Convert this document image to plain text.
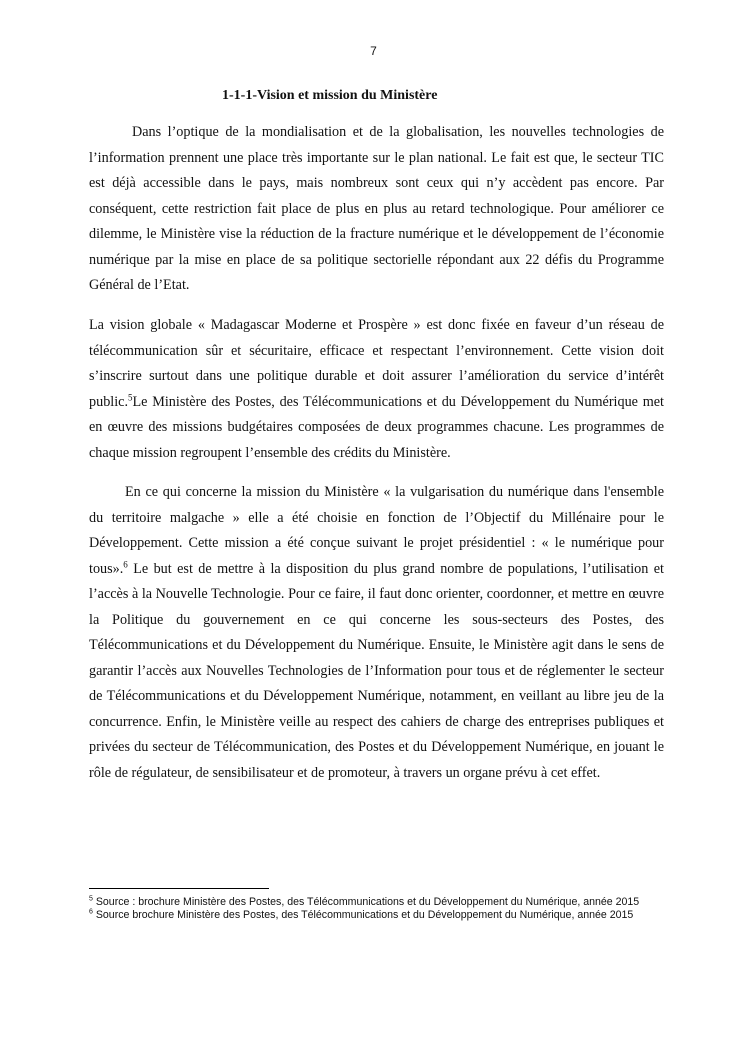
7
1-1-1-Vision et mission du Ministère

Dans l’optique de la mondialisation et de la globalisation, les nouvelles technologies de l’information prennent une place très importante sur le plan national. Le fait est que, le secteur TIC est déjà accessible dans le pays, mais nombreux sont ceux qui n’y accèdent pas encore. Par conséquent, cette restriction fait place de plus en plus au retard technologique. Pour améliorer ce dilemme, le Ministère vise la réduction de la fracture numérique et le développement de l’économie numérique par la mise en place de sa politique sectorielle répondant aux 22 défis du Programme Général de l’Etat.

La vision globale « Madagascar Moderne et Prospère » est donc fixée en faveur d’un réseau de télécommunication sûr et sécuritaire, efficace et respectant l’environnement. Cette vision doit s’inscrire surtout dans une politique durable et doit assurer l’amélioration du service d’intérêt public.$^5$Le Ministère des Postes, des Télécommunications et du Développement du Numérique met en œuvre des missions budgétaires composées de deux programmes chacune. Les programmes de chaque mission regroupent l’ensemble des crédits du Ministère.

En ce qui concerne la mission du Ministère « la vulgarisation du numérique dans l'ensemble du territoire malgache » elle a été choisie en fonction de l’Objectif du Millénaire pour le Développement. Cette mission a été conçue suivant le projet présidentiel : « le numérique pour tous».$^6$ Le but est de mettre à la disposition du plus grand nombre de populations, l’utilisation et l’accès à la Nouvelle Technologie. Pour ce faire, il faut donc orienter, coordonner, et mettre en œuvre la Politique du gouvernement en ce qui concerne les sous-secteurs des Postes, des Télécommunications et du Développement du Numérique. Ensuite, le Ministère agit dans le sens de garantir l’accès aux Nouvelles Technologies de l’Information pour tous et de réglementer le secteur de Télécommunications et du Développement Numérique, notamment, en veillant au libre jeu de la concurrence. Enfin, le Ministère veille au respect des cahiers de charge des entreprises publiques et privées du secteur de Télécommunication, des Postes et du Développement Numérique, en jouant le rôle de régulateur, de sensibilisateur et de promoteur, à travers un organe prévu à cet effet.

$^5$ Source : brochure Ministère des Postes, des Télécommunications et du Développement du Numérique, année 2015
$^6$ Source brochure Ministère des Postes, des Télécommunications et du Développement du Numérique, année 2015
